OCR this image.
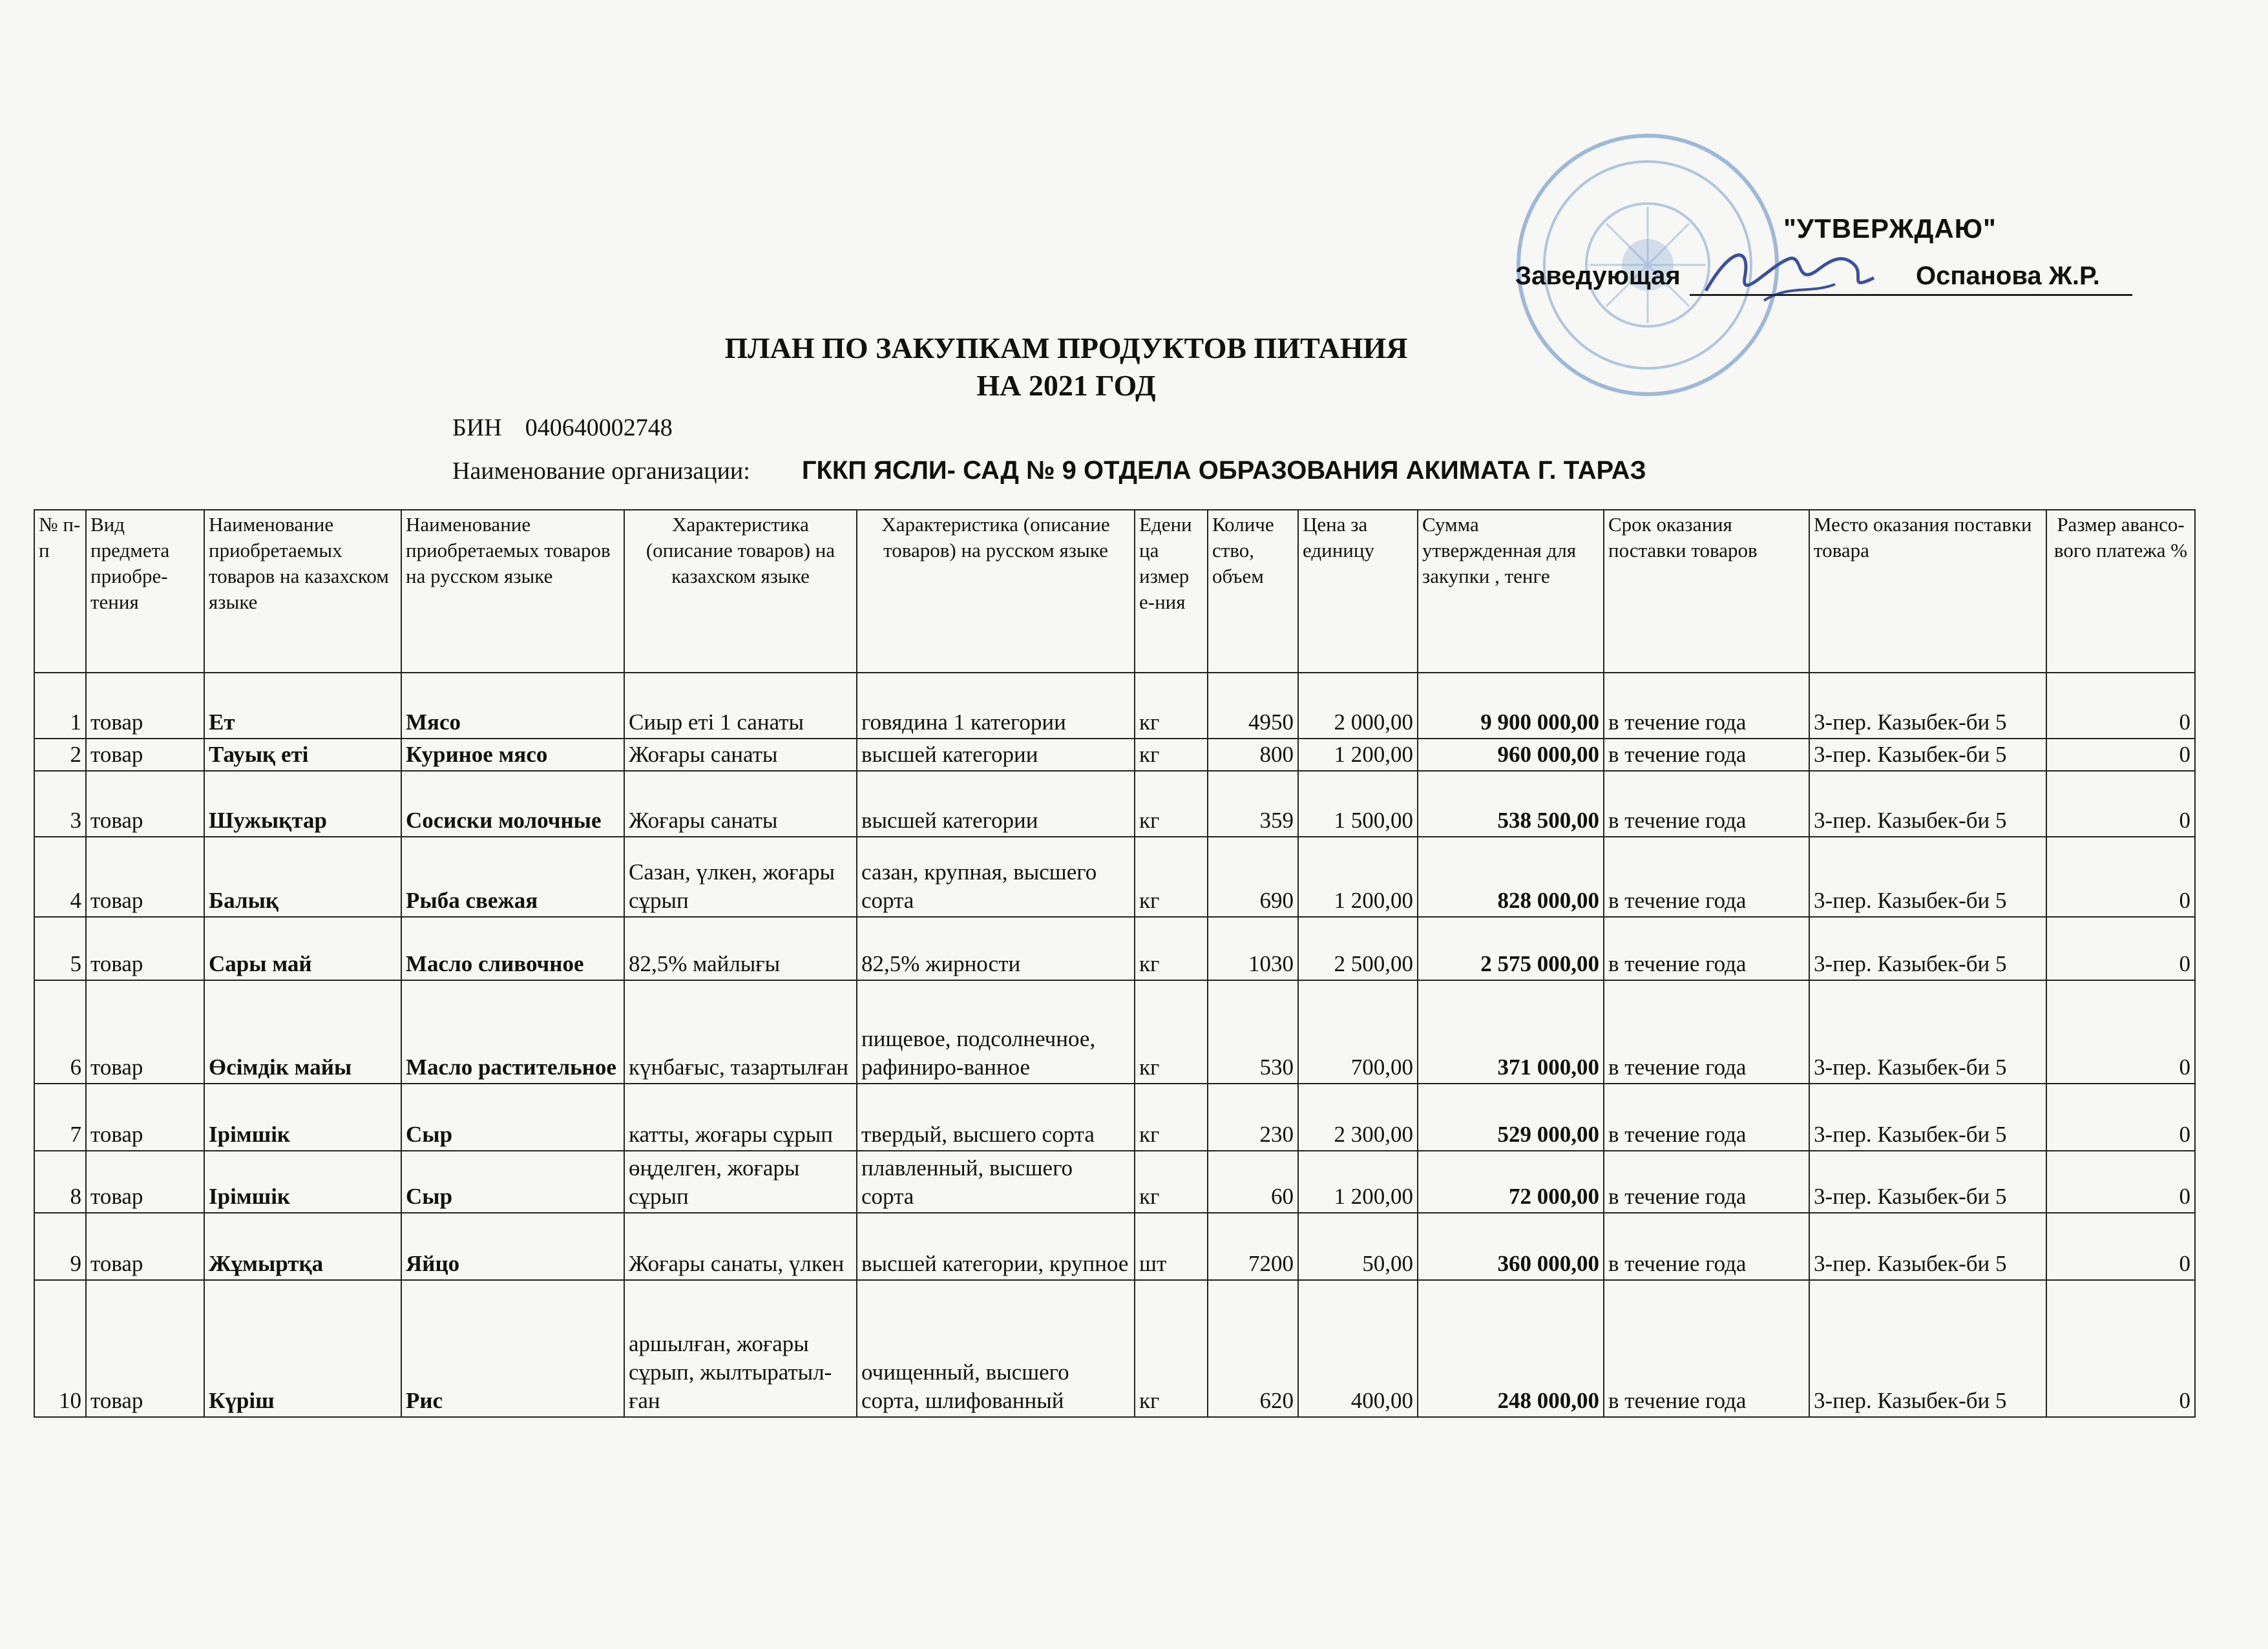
"УТВЕРЖДАЮ"
Заведующая	Оспанова Ж.Р.
ПЛАН ПО ЗАКУПКАМ ПРОДУКТОВ ПИТАНИЯ
НА 2021 ГОД
БИН 040640002748
Наименование организации: ГККП ЯСЛИ- САД № 9 ОТДЕЛА ОБРАЗОВАНИЯ АКИМАТА Г. ТАРАЗ
№ п-п	Вид предмета приобре-тения	Наименование приобретаемых товаров на казахском языке	Наименование приобретаемых товаров на русском языке	Характеристика (описание товаров) на казахском языке	Характеристика (описание товаров) на русском языке	Едени ца измер е-ния	Количе ство, объем	Цена за единицу	Сумма утвержденная для закупки , тенге	Срок оказания поставки товаров	Место оказания поставки товара	Размер авансо-вого платежа %
1	товар	Ет	Мясо	Сиыр еті 1 санаты	говядина 1 категории	кг	4950	2 000,00	9 900 000,00	в течение года	3-пер. Казыбек-би 5	0
2	товар	Тауық еті	Куриное мясо	Жоғары санаты	высшей категории	кг	800	1 200,00	960 000,00	в течение года	3-пер. Казыбек-би 5	0
3	товар	Шужықтар	Сосиски молочные	Жоғары санаты	высшей категории	кг	359	1 500,00	538 500,00	в течение года	3-пер. Казыбек-би 5	0
4	товар	Балық	Рыба свежая	Сазан, үлкен, жоғары сұрып	сазан, крупная, высшего сорта	кг	690	1 200,00	828 000,00	в течение года	3-пер. Казыбек-би 5	0
5	товар	Сары май	Масло сливочное	82,5% майлығы	82,5% жирности	кг	1030	2 500,00	2 575 000,00	в течение года	3-пер. Казыбек-би 5	0
6	товар	Өсімдік майы	Масло растительное	күнбағыс, тазартылған	пищевое, подсолнечное, рафиниро-ванное	кг	530	700,00	371 000,00	в течение года	3-пер. Казыбек-би 5	0
7	товар	Ірімшік	Сыр	катты, жоғары сұрып	твердый, высшего сорта	кг	230	2 300,00	529 000,00	в течение года	3-пер. Казыбек-би 5	0
8	товар	Ірімшік	Сыр	өңделген, жоғары сұрып	плавленный, высшего сорта	кг	60	1 200,00	72 000,00	в течение года	3-пер. Казыбек-би 5	0
9	товар	Жұмыртқа	Яйцо	Жоғары санаты, үлкен	высшей категории, крупное	шт	7200	50,00	360 000,00	в течение года	3-пер. Казыбек-би 5	0
10	товар	Күріш	Рис	аршылған, жоғары сұрып, жылтыратыл-ған	очищенный, высшего сорта, шлифованный	кг	620	400,00	248 000,00	в течение года	3-пер. Казыбек-би 5	0
